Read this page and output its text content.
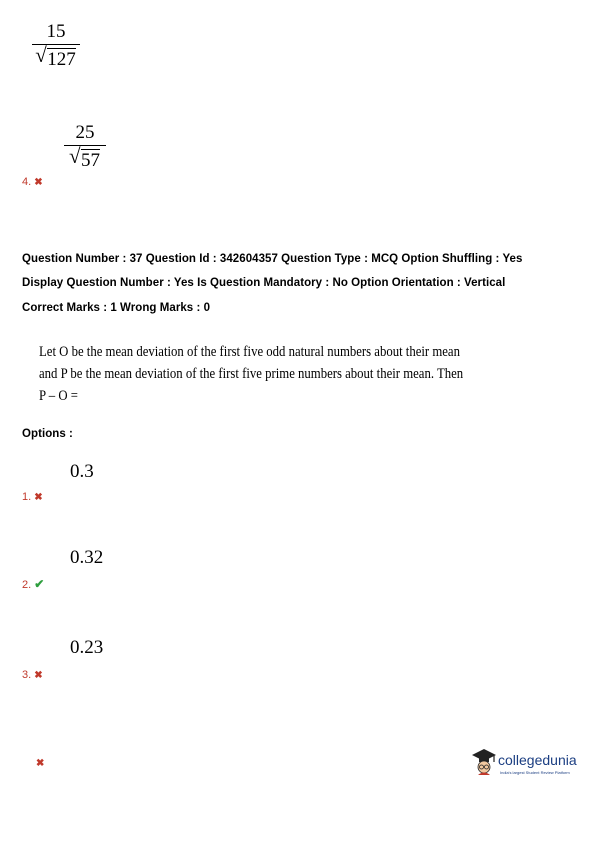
15
√ 127
4. ✖
25
√ 57
Question Number : 37 Question Id : 342604357 Question Type : MCQ Option Shuffling : Yes
Display Question Number : Yes Is Question Mandatory : No Option Orientation : Vertical
Correct Marks : 1 Wrong Marks : 0
Let O be the mean deviation of the first five odd natural numbers about their mean
and P be the mean deviation of the first five prime numbers about their mean. Then
P – O =
Options :
0.3
1. ✖
0.32
2. ✔
0.23
3. ✖
✖	collegedunia
India's largest Student Review Platform
